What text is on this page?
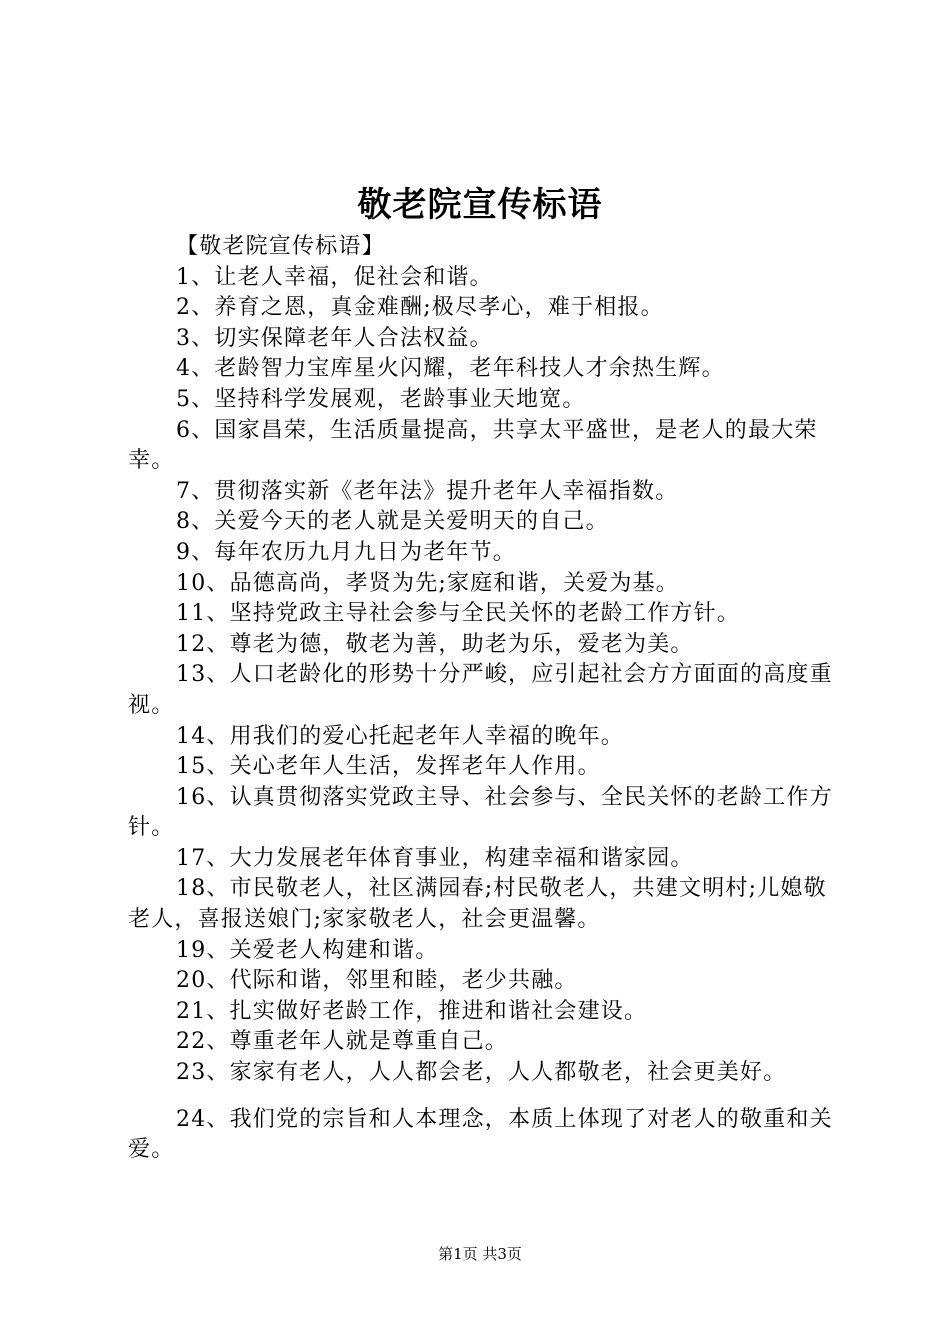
敬老院宣传标语

【敬老院宣传标语】

1、让老人幸福，促社会和谐。

2、养育之恩，真金难酬;极尽孝心，难于相报。

3、切实保障老年人合法权益。

4、老龄智力宝库星火闪耀，老年科技人才余热生辉。

5、坚持科学发展观，老龄事业天地宽。

6、国家昌荣，生活质量提高，共享太平盛世，是老人的最大荣幸。

7、贯彻落实新《老年法》提升老年人幸福指数。

8、关爱今天的老人就是关爱明天的自己。

9、每年农历九月九日为老年节。

10、品德高尚，孝贤为先;家庭和谐，关爱为基。

11、坚持党政主导社会参与全民关怀的老龄工作方针。

12、尊老为德，敬老为善，助老为乐，爱老为美。

13、人口老龄化的形势十分严峻，应引起社会方方面面的高度重视。

14、用我们的爱心托起老年人幸福的晚年。

15、关心老年人生活，发挥老年人作用。

16、认真贯彻落实党政主导、社会参与、全民关怀的老龄工作方针。

17、大力发展老年体育事业，构建幸福和谐家园。

18、市民敬老人，社区满园春;村民敬老人，共建文明村;儿媳敬老人，喜报送娘门;家家敬老人，社会更温馨。

19、关爱老人构建和谐。

20、代际和谐，邻里和睦，老少共融。

21、扎实做好老龄工作，推进和谐社会建设。

22、尊重老年人就是尊重自己。

23、家家有老人，人人都会老，人人都敬老，社会更美好。

24、我们党的宗旨和人本理念，本质上体现了对老人的敬重和关爱。

第1页 共3页
